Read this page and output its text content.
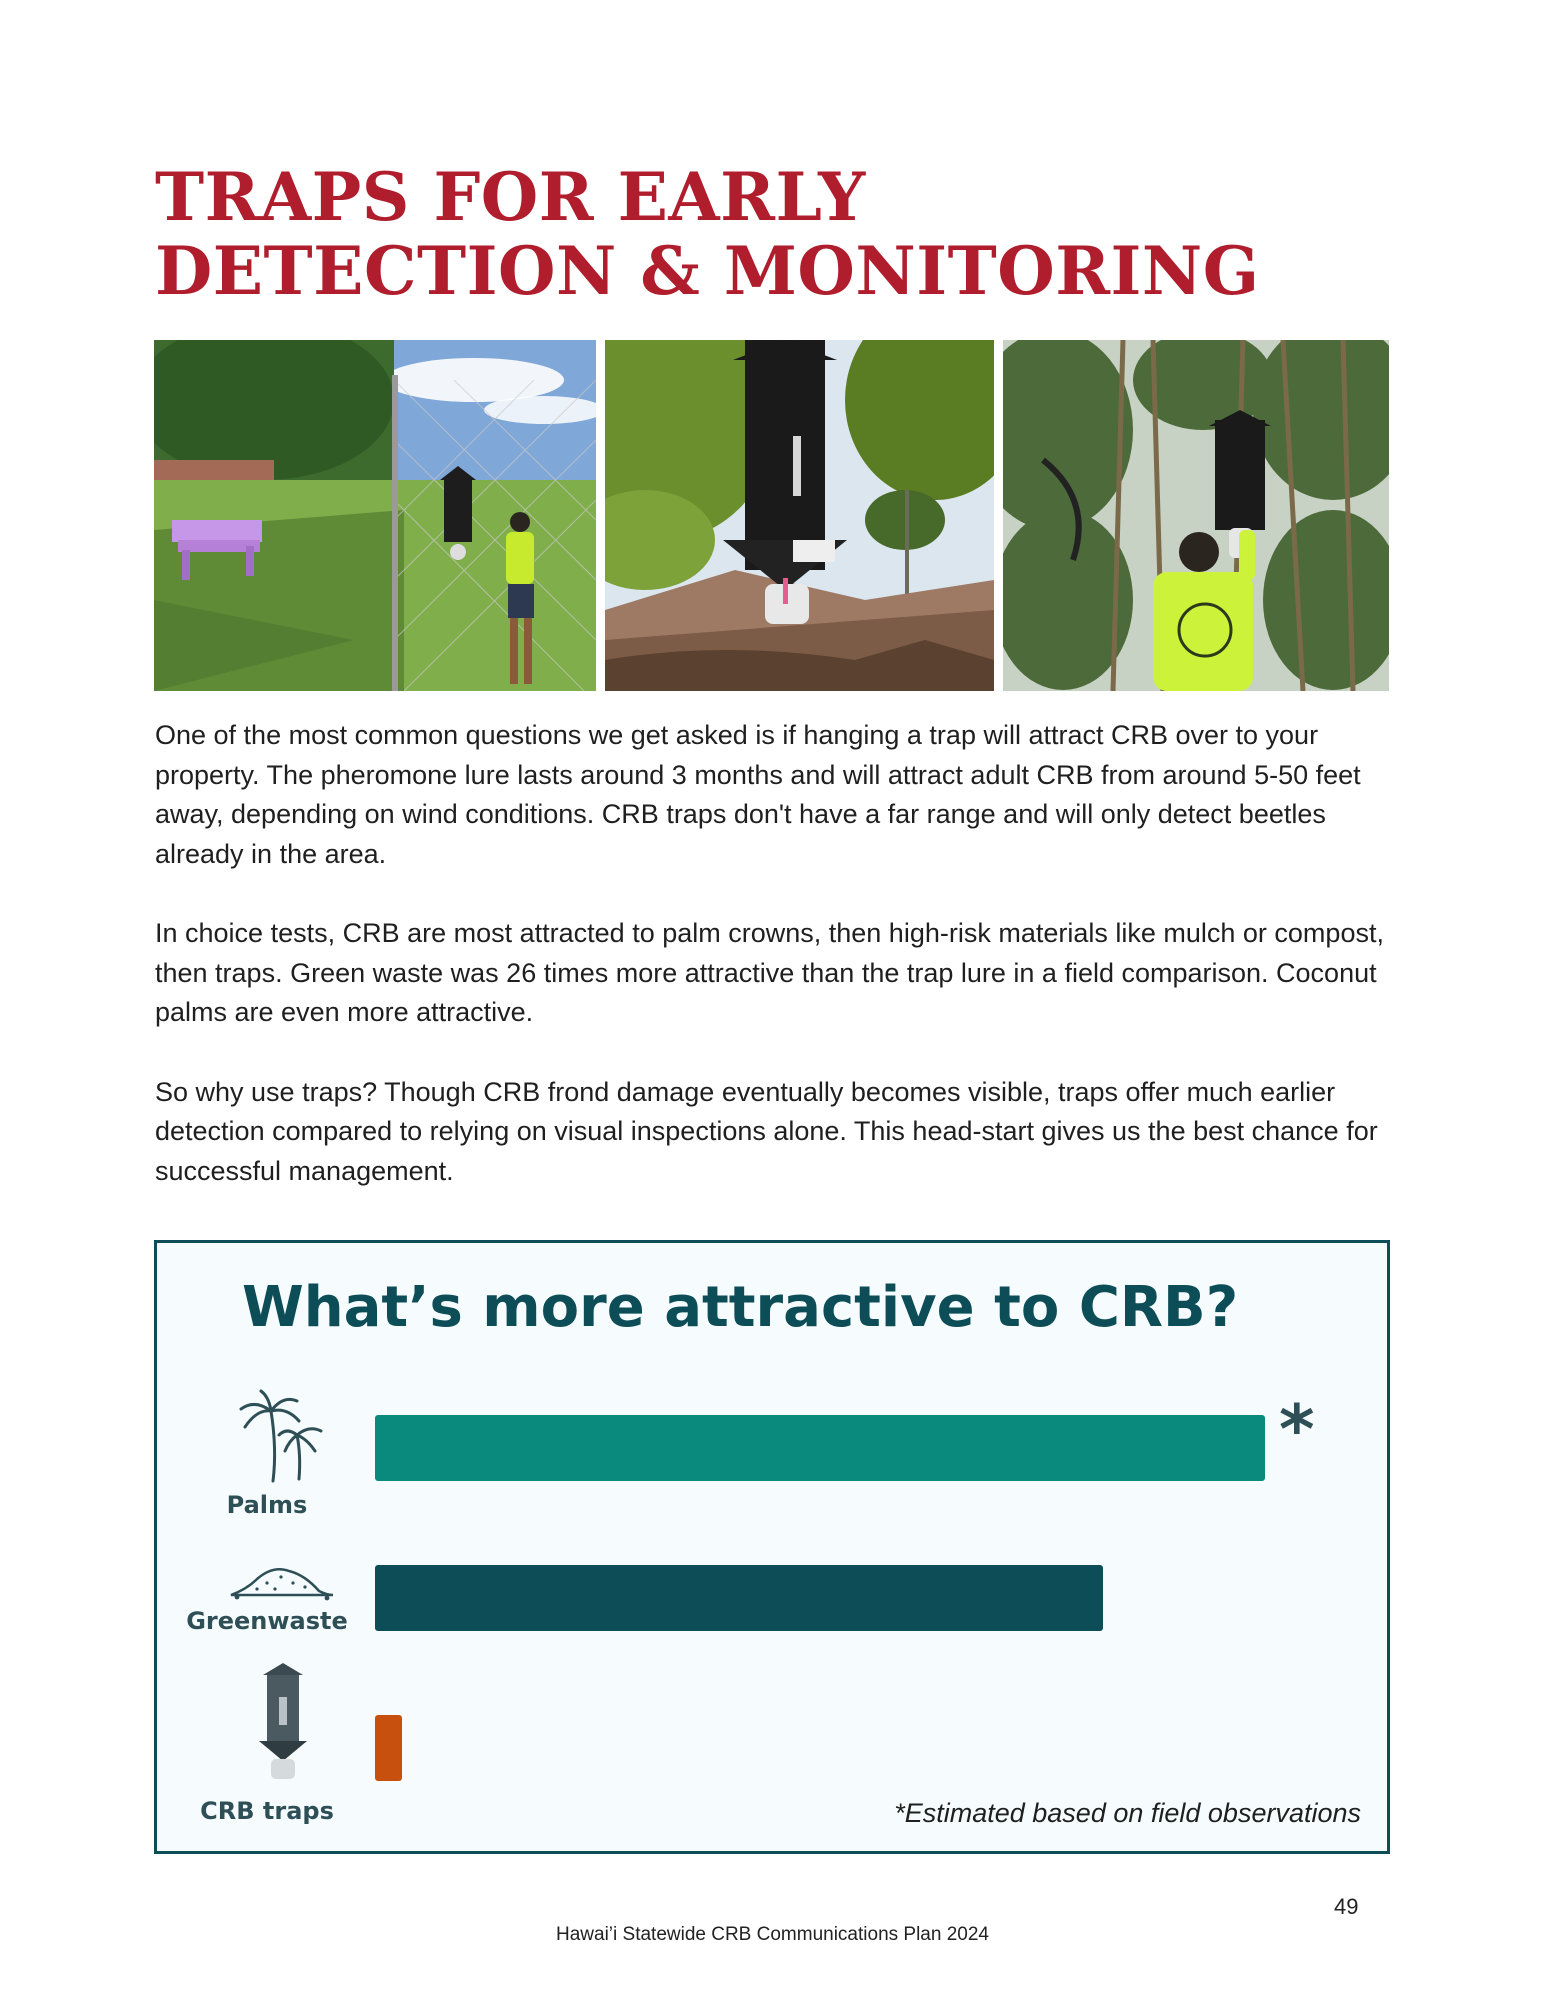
TRAPS FOR EARLY
DETECTION & MONITORING

One of the most common questions we get asked is if hanging a trap will attract CRB over to your property. The pheromone lure lasts around 3 months and will attract adult CRB from around 5-50 feet away, depending on wind conditions. CRB traps don't have a far range and will only detect beetles already in the area.

In choice tests, CRB are most attracted to palm crowns, then high-risk materials like mulch or compost, then traps. Green waste was 26 times more attractive than the trap lure in a field comparison. Coconut palms are even more attractive.

So why use traps? Though CRB frond damage eventually becomes visible, traps offer much earlier detection compared to relying on visual inspections alone. This head-start gives us the best chance for successful management.

What’s more attractive to CRB?
Palms
Greenwaste
CRB traps
*
*Estimated based on field observations
49
Hawai’i Statewide CRB Communications Plan 2024
